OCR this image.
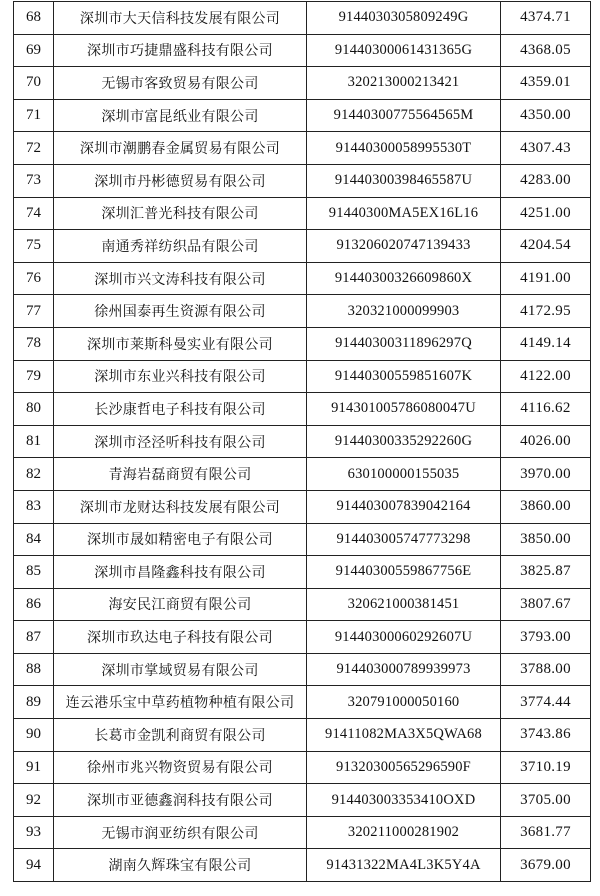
68	深圳市大天信科技发展有限公司	9144030305809249G	4374.71
69	深圳市巧捷鼎盛科技有限公司	91440300061431365G	4368.05
70	无锡市客致贸易有限公司	320213000213421	4359.01
71	深圳市富昆纸业有限公司	91440300775564565M	4350.00
72	深圳市潮鹏春金属贸易有限公司	91440300058995530T	4307.43
73	深圳市丹彬德贸易有限公司	91440300398465587U	4283.00
74	深圳汇普光科技有限公司	91440300MA5EX16L16	4251.00
75	南通秀祥纺织品有限公司	913206020747139433	4204.54
76	深圳市兴文涛科技有限公司	91440300326609860X	4191.00
77	徐州国泰再生资源有限公司	320321000099903	4172.95
78	深圳市莱斯科曼实业有限公司	91440300311896297Q	4149.14
79	深圳市东业兴科技有限公司	91440300559851607K	4122.00
80	长沙康哲电子科技有限公司	914301005786080047U	4116.62
81	深圳市泾泾听科技有限公司	91440300335292260G	4026.00
82	青海岩磊商贸有限公司	630100000155035	3970.00
83	深圳市龙财达科技发展有限公司	914403007839042164	3860.00
84	深圳市晟如精密电子有限公司	914403005747773298	3850.00
85	深圳市昌隆鑫科技有限公司	91440300559867756E	3825.87
86	海安民江商贸有限公司	320621000381451	3807.67
87	深圳市玖达电子科技有限公司	91440300060292607U	3793.00
88	深圳市掌域贸易有限公司	914403000789939973	3788.00
89	连云港乐宝中草药植物种植有限公司	320791000050160	3774.44
90	长葛市金凯利商贸有限公司	91411082MA3X5QWA68	3743.86
91	徐州市兆兴物资贸易有限公司	91320300565296590F	3710.19
92	深圳市亚德鑫润科技有限公司	914403003353410OXD	3705.00
93	无锡市润亚纺织有限公司	320211000281902	3681.77
94	湖南久辉珠宝有限公司	91431322MA4L3K5Y4A	3679.00
